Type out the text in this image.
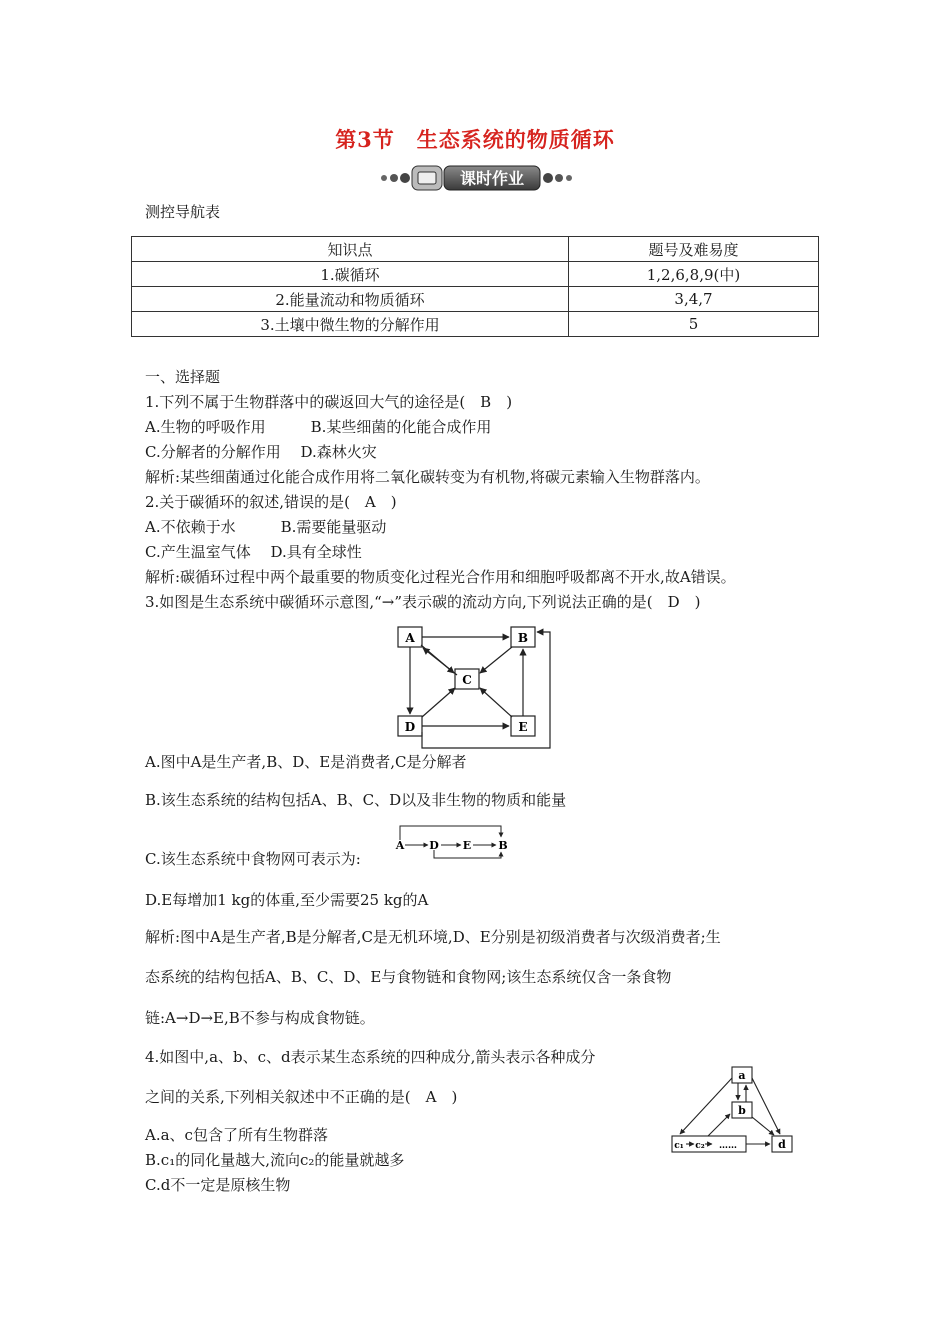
第3节　生态系统的物质循环
课时作业
测控导航表
知识点	题号及难易度
1.碳循环	1,2,6,8,9(中)
2.能量流动和物质循环	3,4,7
3.土壤中微生物的分解作用	5
一、选择题
1.下列不属于生物群落中的碳返回大气的途径是(　B　)
A.生物的呼吸作用　　　B.某些细菌的化能合成作用
C.分解者的分解作用　 D.森林火灾
解析:某些细菌通过化能合成作用将二氧化碳转变为有机物,将碳元素输入生物群落内。
2.关于碳循环的叙述,错误的是(　A　)
A.不依赖于水　　　B.需要能量驱动
C.产生温室气体　 D.具有全球性
解析:碳循环过程中两个最重要的物质变化过程光合作用和细胞呼吸都离不开水,故A错误。
3.如图是生态系统中碳循环示意图,“→”表示碳的流动方向,下列说法正确的是(　D　)
A	B
C
D	E
A.图中A是生产者,B、D、E是消费者,C是分解者
B.该生态系统的结构包括A、B、C、D以及非生物的物质和能量
C.该生态系统中食物网可表示为:
A D E B
D.E每增加1 kg的体重,至少需要25 kg的A
解析:图中A是生产者,B是分解者,C是无机环境,D、E分别是初级消费者与次级消费者;生
态系统的结构包括A、B、C、D、E与食物链和食物网;该生态系统仅含一条食物
链:A→D→E,B不参与构成食物链。
4.如图中,a、b、c、d表示某生态系统的四种成分,箭头表示各种成分
之间的关系,下列相关叙述中不正确的是(　A　)
a
b
c₁ c₂ ……	d
A.a、c包含了所有生物群落
B.c₁的同化量越大,流向c₂的能量就越多
C.d不一定是原核生物
